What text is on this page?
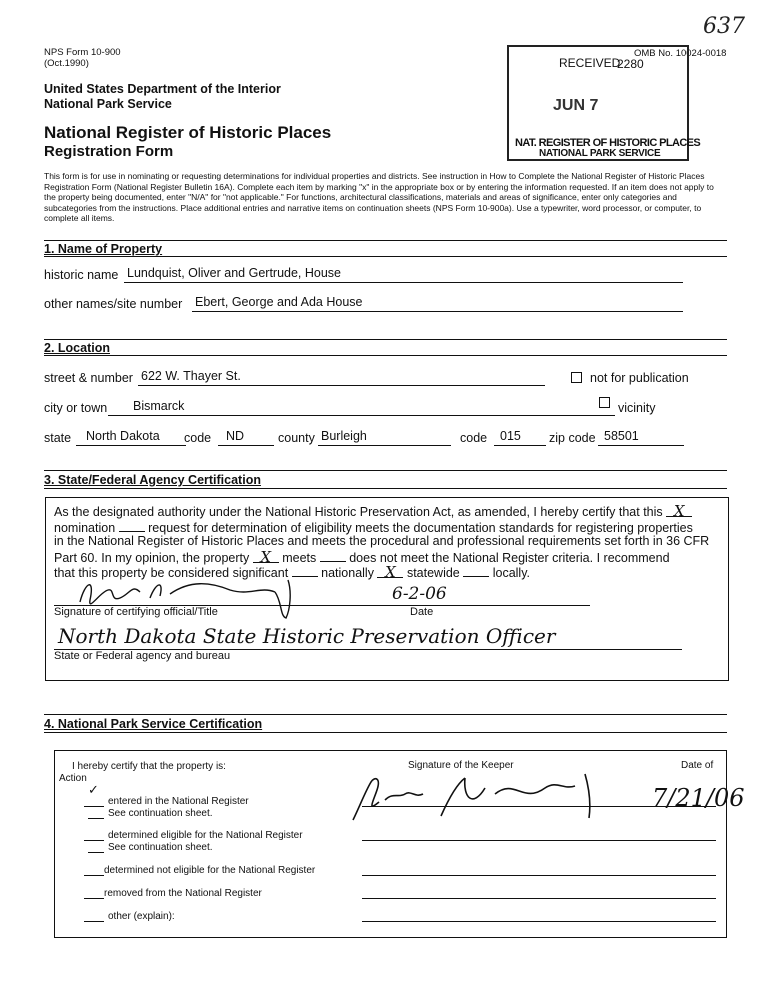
637
NPS Form 10-900
(Oct.1990)
OMB No. 10024-0018
United States Department of the Interior
National Park Service
National Register of Historic Places
Registration Form
RECEIVED
2280
JUN 7
NAT. REGISTER OF HISTORIC PLACES
NATIONAL PARK SERVICE
This form is for use in nominating or requesting determinations for individual properties and districts. See instruction in How to Complete the National Register of Historic Places Registration Form (National Register Bulletin 16A). Complete each item by marking "x" in the appropriate box or by entering the information requested. If an item does not apply to the property being documented, enter "N/A" for "not applicable." For functions, architectural classifications, materials and areas of significance, enter only categories and subcategories from the instructions. Place additional entries and narrative items on continuation sheets (NPS Form 10-900a). Use a typewriter, word processor, or computer, to complete all items.
1. Name of Property
historic name Lundquist, Oliver and Gertrude, House
other names/site number Ebert, George and Ada House
2. Location
street & number 622 W. Thayer St.	not for publication
city or town	Bismarck	vicinity
state	North Dakota	code	ND	county Burleigh	code	015	zip code 58501
3. State/Federal Agency Certification
As the designated authority under the National Historic Preservation Act, as amended, I hereby certify that this X
nomination	request for determination of eligibility meets the documentation standards for registering properties
in the National Register of Historic Places and meets the procedural and professional requirements set forth in 36 CFR
Part 60. In my opinion, the property X meets	does not meet the National Register criteria. I recommend
that this property be considered significant	nationally X statewide	locally.
6-2-06
Signature of certifying official/Title	Date
North Dakota State Historic Preservation Officer
State or Federal agency and bureau
4. National Park Service Certification
I hereby certify that the property is:
Action
Signature of the Keeper	Date of
✓
entered in the National Register
See continuation sheet.
determined eligible for the National Register
See continuation sheet.
determined not eligible for the National Register
removed from the National Register
other (explain):
7/21/06
